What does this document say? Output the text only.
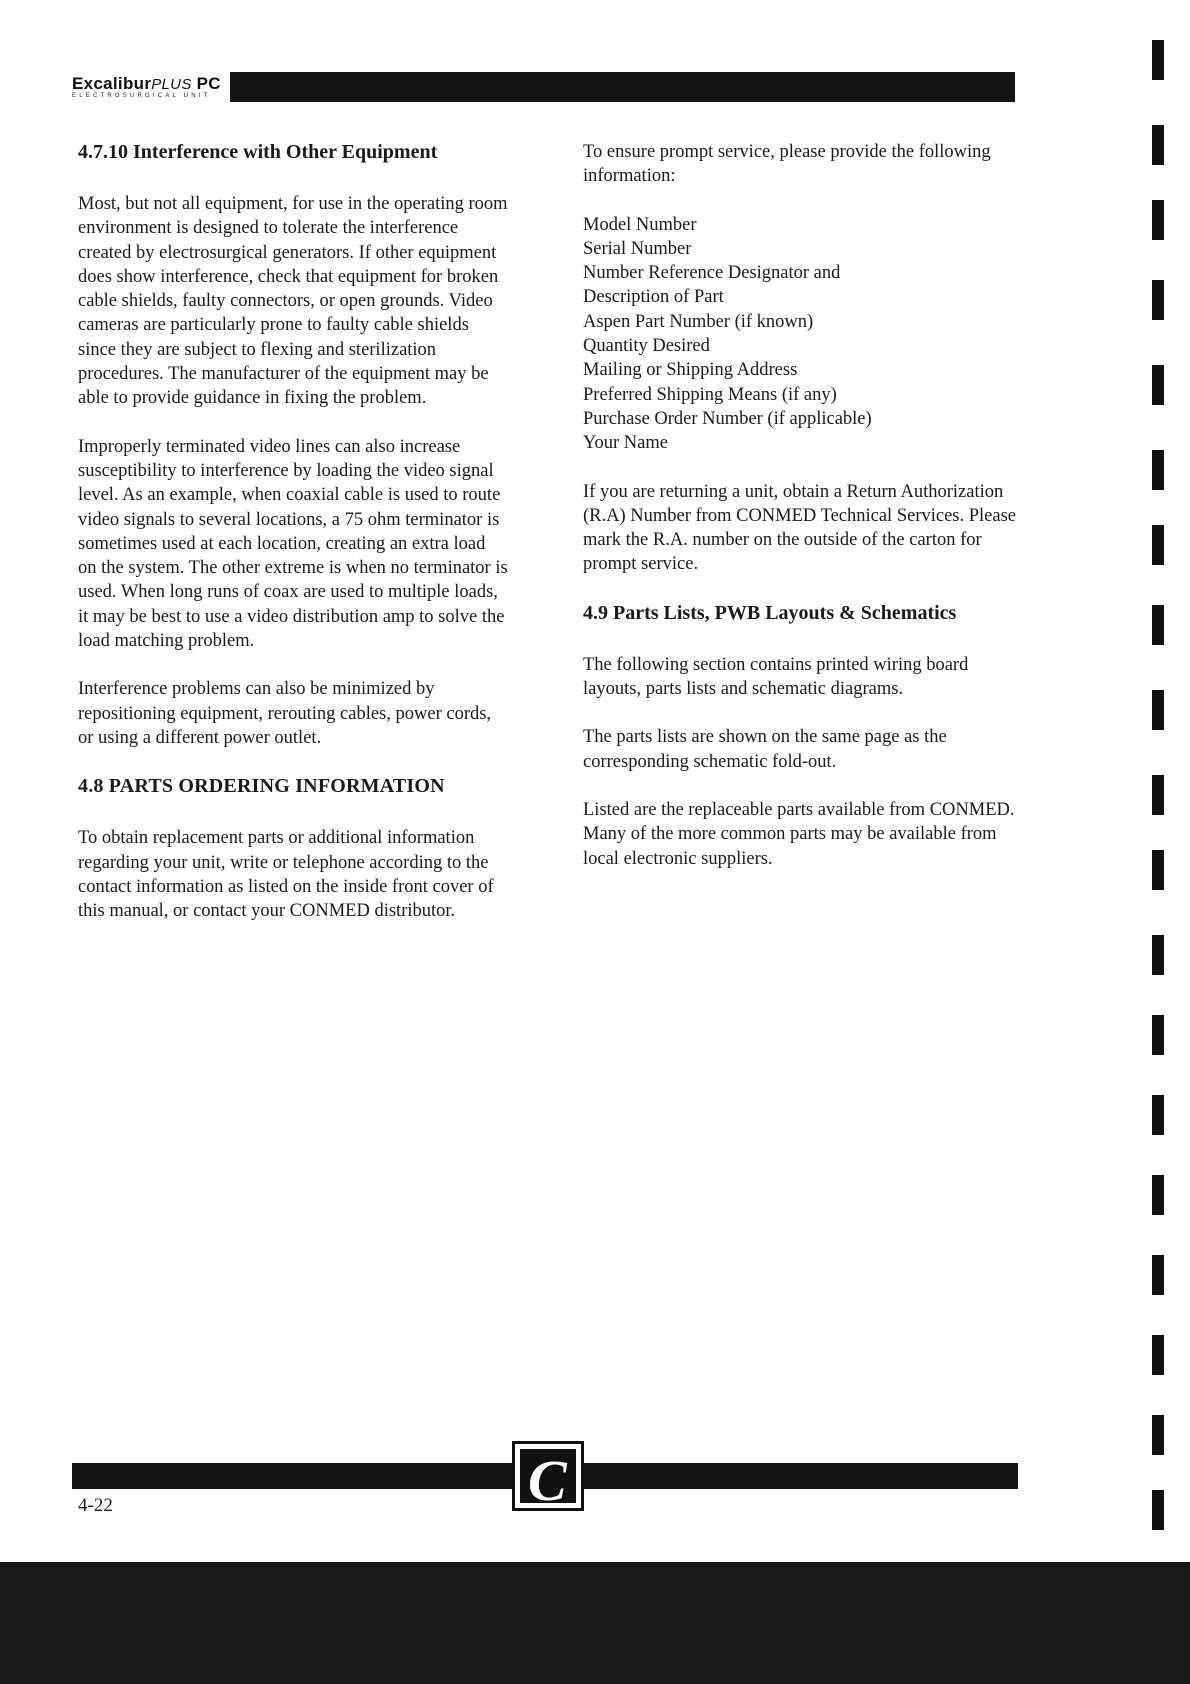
ExcaliburPLUS PC
ELECTROSURGICAL UNIT
4.7.10 Interference with Other Equipment

Most, but not all equipment, for use in the operating room environment is designed to tolerate the interference created by electrosurgical generators. If other equipment does show interference, check that equipment for broken cable shields, faulty connectors, or open grounds. Video cameras are particularly prone to faulty cable shields since they are subject to flexing and sterilization procedures. The manufacturer of the equipment may be able to provide guidance in fixing the problem.

Improperly terminated video lines can also increase susceptibility to interference by loading the video signal level. As an example, when coaxial cable is used to route video signals to several locations, a 75 ohm terminator is sometimes used at each location, creating an extra load on the system. The other extreme is when no terminator is used. When long runs of coax are used to multiple loads, it may be best to use a video distribution amp to solve the load matching problem.

Interference problems can also be minimized by repositioning equipment, rerouting cables, power cords, or using a different power outlet.

4.8 PARTS ORDERING INFORMATION

To obtain replacement parts or additional information regarding your unit, write or telephone according to the contact information as listed on the inside front cover of this manual, or contact your CONMED distributor.

To ensure prompt service, please provide the following information:

Model Number
Serial Number
Number Reference Designator and
Description of Part
Aspen Part Number (if known)
Quantity Desired
Mailing or Shipping Address
Preferred Shipping Means (if any)
Purchase Order Number (if applicable)
Your Name

If you are returning a unit, obtain a Return Authorization (R.A) Number from CONMED Technical Services. Please mark the R.A. number on the outside of the carton for prompt service.

4.9 Parts Lists, PWB Layouts & Schematics

The following section contains printed wiring board layouts, parts lists and schematic diagrams.

The parts lists are shown on the same page as the corresponding schematic fold-out.

Listed are the replaceable parts available from CONMED. Many of the more common parts may be available from local electronic suppliers.

C
4-22
